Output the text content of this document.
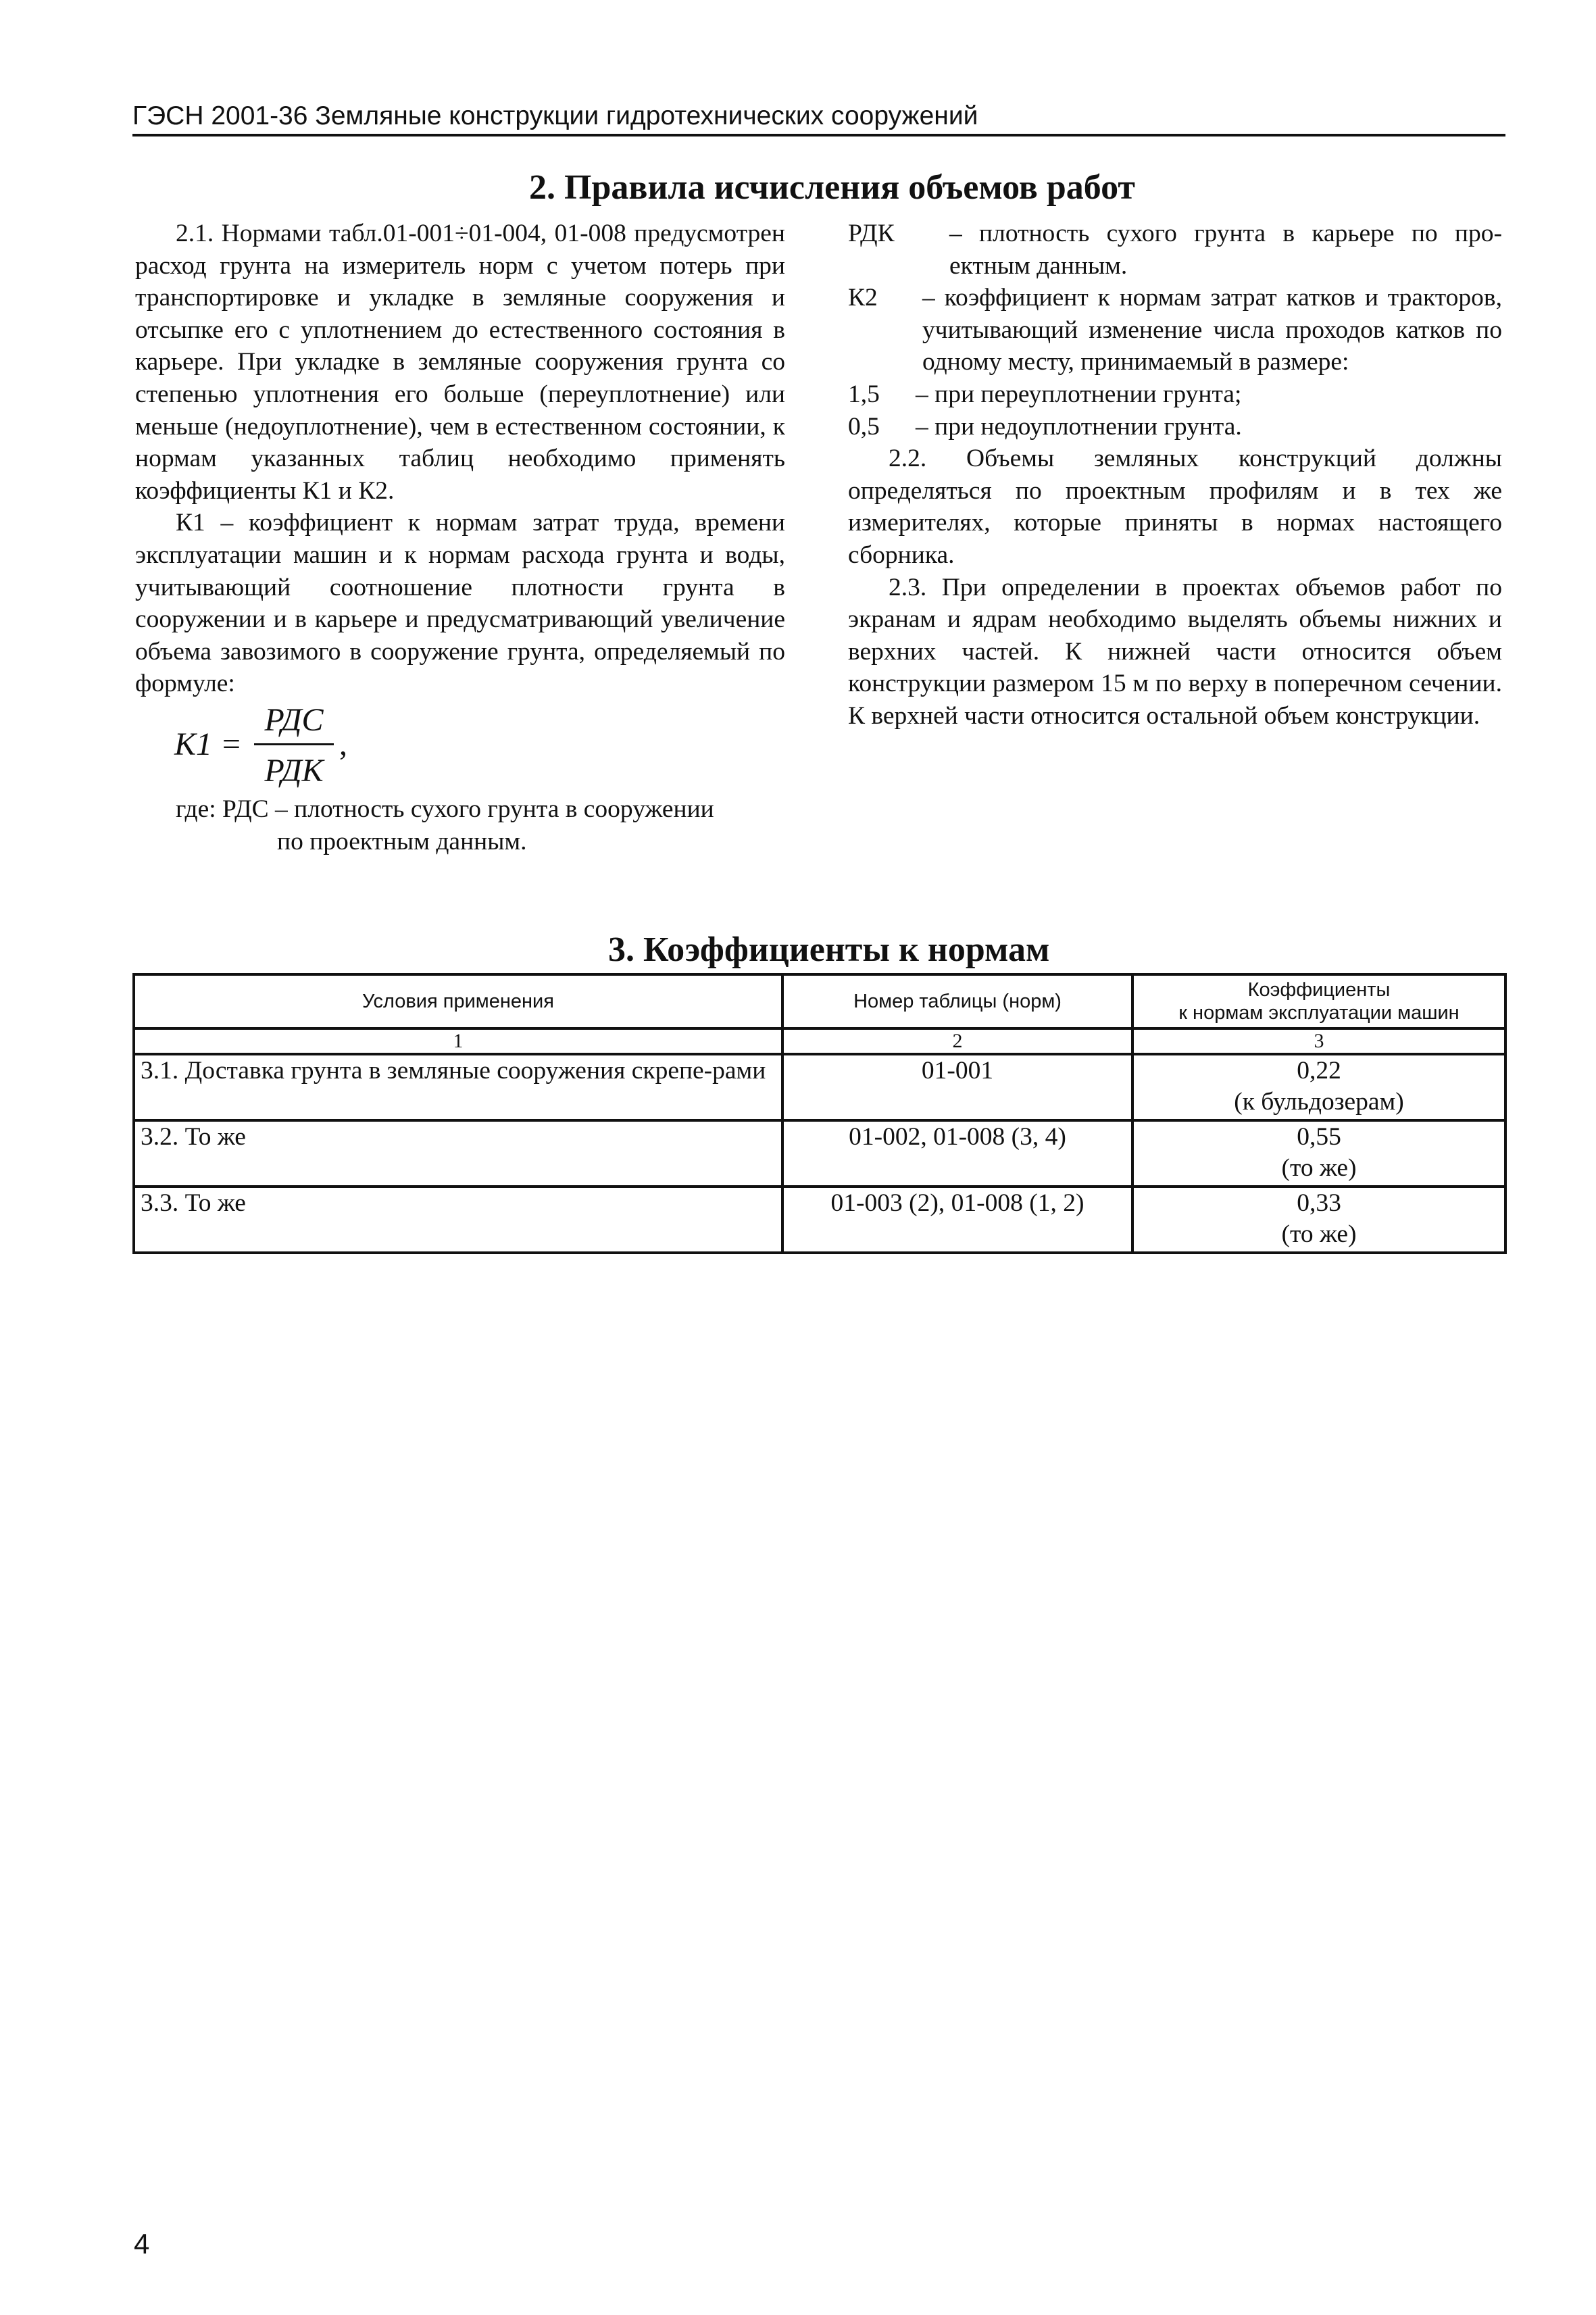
ГЭСН 2001-36 Земляные конструкции гидротехнических сооружений
2. Правила исчисления объемов работ

2.1. Нормами табл.01-001÷01-004, 01-008 предусмотрен расход грунта на измеритель норм с учетом потерь при транспортировке и укладке в земляные сооружения и отсыпке его с уплотнением до естественного состояния в карьере. При укладке в земляные сооружения грунта со степенью уплотнения его больше (переуплотнение) или меньше (недоуплотнение), чем в естественном состоянии, к нормам указанных таблиц необходимо применять коэффициенты К1 и К2.

К1 – коэффициент к нормам затрат труда, времени эксплуатации машин и к нормам расхода грунта и воды, учитывающий соотношение плотности грунта в сооружении и в карьере и предусматривающий увеличение объема завозимого в сооружение грунта, определяемый по формуле:

К1 =
РДС
РДК
,
где: РДС – плотность сухого грунта в сооружении
по проектным данным.
РДК	– плотность сухого грунта в карьере по про-
ектным данным.
К2	– коэффициент к нормам затрат катков и тракторов, учитывающий изменение числа проходов катков по одному месту, принимаемый в размере:
1,5	– при переуплотнении грунта;
0,5	– при недоуплотнении грунта.

2.2. Объемы земляных конструкций должны определяться по проектным профилям и в тех же измерителях, которые приняты в нормах настоящего сборника.

2.3. При определении в проектах объемов работ по экранам и ядрам необходимо выделять объемы нижних и верхних частей. К нижней части относится объем конструкции размером 15 м по верху в поперечном сечении. К верхней части относится остальной объем конструкции.

3. Коэффициенты к нормам
Условия применения	Номер таблицы (норм)	Коэффициенты
к нормам эксплуатации машин

1	2	3
3.1. Доставка грунта в земляные сооружения скрепе-рами	01-001	0,22
(к бульдозерам)

3.2. То же	01-002, 01-008 (3, 4)	0,55
(то же)

3.3. То же	01-003 (2), 01-008 (1, 2)	0,33
(то же)
4
